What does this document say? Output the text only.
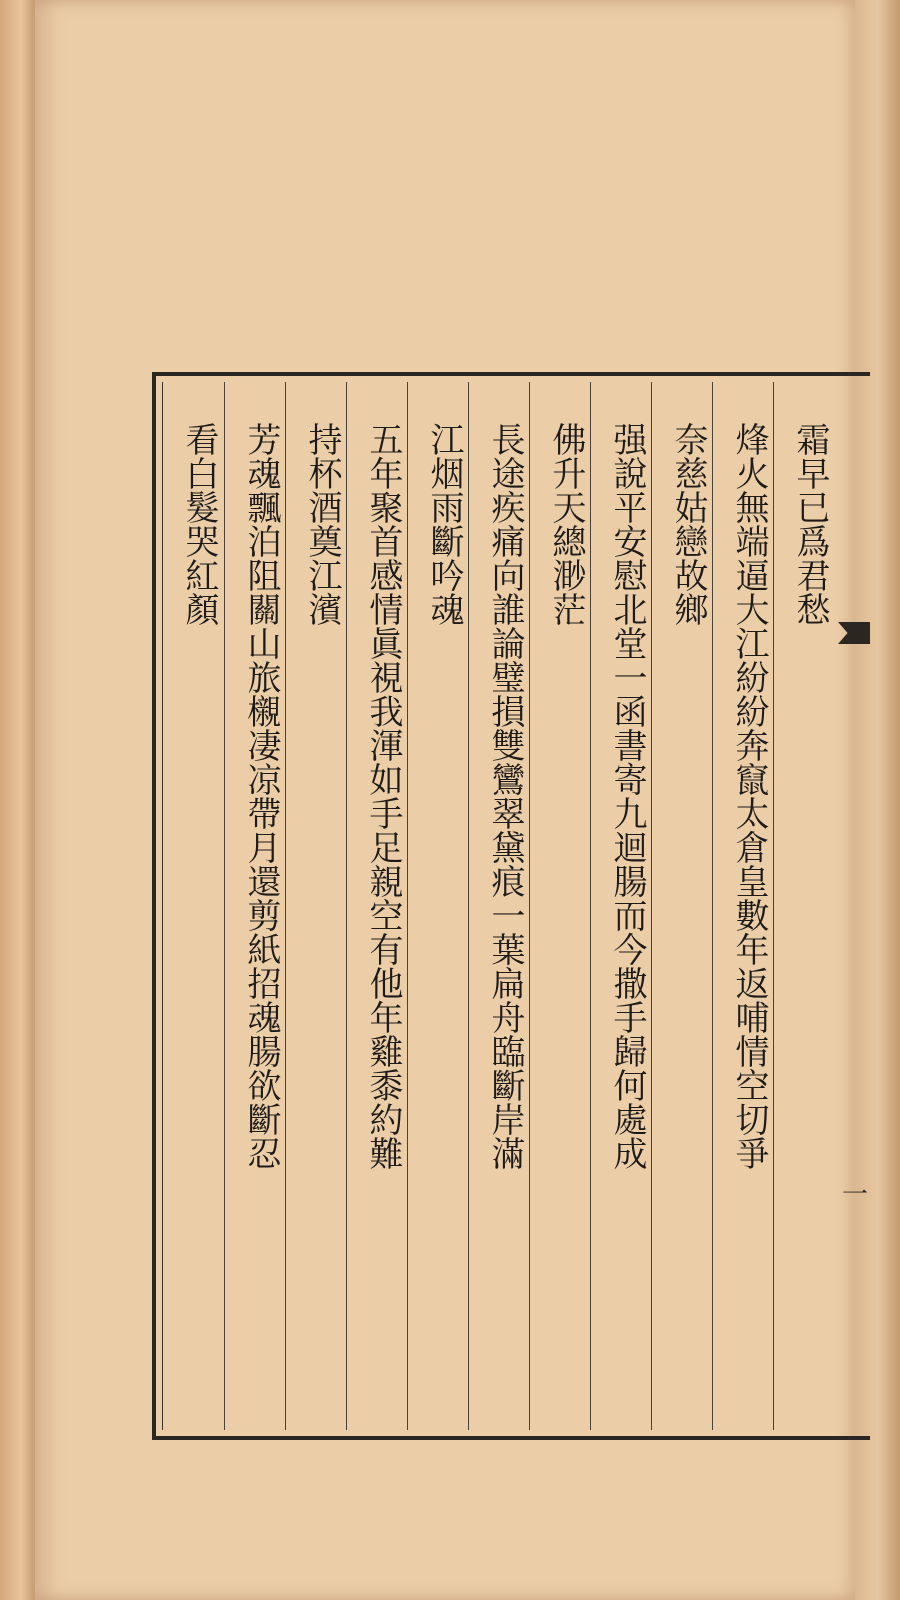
霜早已爲君愁
烽火無端逼大江紛紛奔竄太倉皇數年返哺情空切爭
奈慈姑戀故鄉
强說平安慰北堂一函書寄九迴腸而今撒手歸何處成
佛升天總渺茫
長途疾痛向誰論璧損雙鸞翠黛痕一葉扁舟臨斷岸滿
江烟雨斷吟魂
五年聚首感情眞視我渾如手足親空有他年雞黍約難
持杯酒奠江濱
芳魂飄泊阻關山旅櫬凄凉帶月還剪紙招魂腸欲斷忍
看白髮哭紅顏
一
